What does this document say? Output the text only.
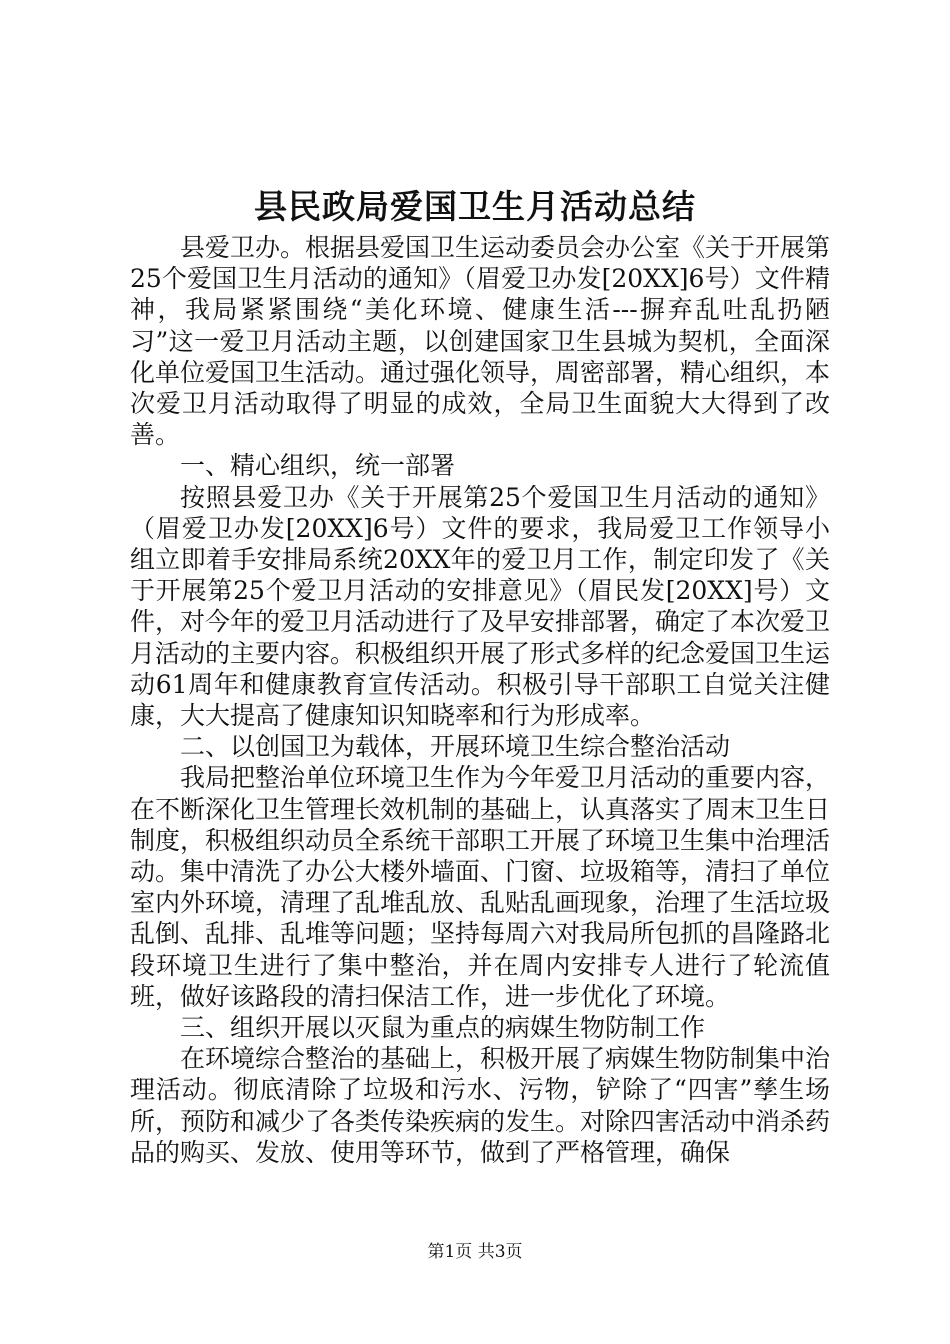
县民政局爱国卫生月活动总结

县爱卫办。根据县爱国卫生运动委员会办公室《关于开展第25个爱国卫生月活动的通知》（眉爱卫办发[20XX]6号）文件精神，我局紧紧围绕“美化环境、健康生活---摒弃乱吐乱扔陋习”这一爱卫月活动主题，以创建国家卫生县城为契机，全面深化单位爱国卫生活动。通过强化领导，周密部署，精心组织，本次爱卫月活动取得了明显的成效，全局卫生面貌大大得到了改善。

一、精心组织，统一部署

按照县爱卫办《关于开展第25个爱国卫生月活动的通知》（眉爱卫办发[20XX]6号）文件的要求，我局爱卫工作领导小组立即着手安排局系统20XX年的爱卫月工作，制定印发了《关于开展第25个爱卫月活动的安排意见》（眉民发[20XX]号）文件，对今年的爱卫月活动进行了及早安排部署，确定了本次爱卫月活动的主要内容。积极组织开展了形式多样的纪念爱国卫生运动61周年和健康教育宣传活动。积极引导干部职工自觉关注健康，大大提高了健康知识知晓率和行为形成率。

二、以创国卫为载体，开展环境卫生综合整治活动

我局把整治单位环境卫生作为今年爱卫月活动的重要内容，在不断深化卫生管理长效机制的基础上，认真落实了周末卫生日制度，积极组织动员全系统干部职工开展了环境卫生集中治理活动。集中清洗了办公大楼外墙面、门窗、垃圾箱等，清扫了单位室内外环境，清理了乱堆乱放、乱贴乱画现象，治理了生活垃圾乱倒、乱排、乱堆等问题；坚持每周六对我局所包抓的昌隆路北段环境卫生进行了集中整治，并在周内安排专人进行了轮流值班，做好该路段的清扫保洁工作，进一步优化了环境。

三、组织开展以灭鼠为重点的病媒生物防制工作

在环境综合整治的基础上，积极开展了病媒生物防制集中治理活动。彻底清除了垃圾和污水、污物，铲除了“四害”孳生场所，预防和减少了各类传染疾病的发生。对除四害活动中消杀药品的购买、发放、使用等环节，做到了严格管理，确保

第1页 共3页
